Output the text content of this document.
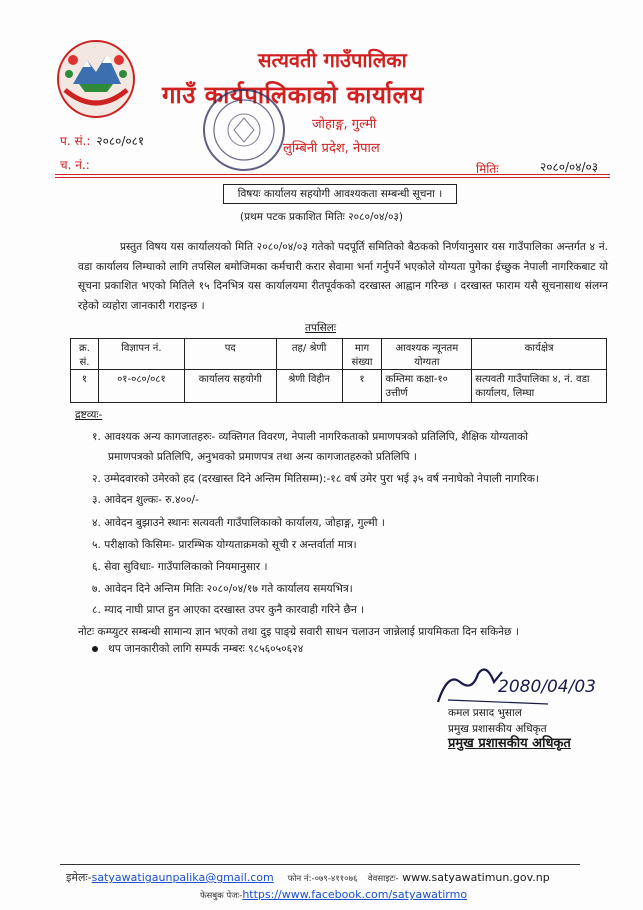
सत्यवती गाउँपालिका
गाउँ कार्यपालिकाको कार्यालय
जोहाङ्ग, गुल्मी
लुम्बिनी प्रदेश, नेपाल
प. सं.: २०८०/०८१
च. नं.:	मितिः	२०८०/०४/०३
विषयः कार्यालय सहयोगी आवश्यकता सम्बन्धी सूचना ।
(प्रथम पटक प्रकाशित मितिः २०८०/०४/०३)
प्रस्तुत विषय यस कार्यालयको मिति २०८०/०४/०३ गतेको पदपूर्ति समितिको बैठकको निर्णयानुसार यस गाउँपालिका अन्तर्गत ४ नं. वडा कार्यालय लिम्घाको लागि तपसिल बमोजिमका कर्मचारी करार सेवामा भर्ना गर्नुपर्ने भएकोले योग्यता पुगेका ईच्छुक नेपाली नागरिकबाट यो सूचना प्रकाशित भएको मितिले १५ दिनभित्र यस कार्यालयमा रीतपूर्वकको दरखास्त आह्वान गरिन्छ । दरखास्त फाराम यसै सूचनासाथ संलग्न रहेको व्यहोरा जानकारी गराइन्छ ।
तपसिलः
क्र. सं.	विज्ञापन नं.	पद	तह/ श्रेणी	माग संख्या	आवश्यक न्यूनतम योग्यता	कार्यक्षेत्र
१	०१-०८०/०८१	कार्यालय सहयोगी	श्रेणी विहीन	१	कम्तिमा कक्षा-१० उत्तीर्ण	सत्यवती गाउँपालिका ४, नं. वडा कार्यालय, लिम्घा
द्रष्टव्यः-
१. आवश्यक अन्य कागजातहरुः- व्यक्तिगत विवरण, नेपाली नागरिकताको प्रमाणपत्रको प्रतिलिपि, शैक्षिक योग्यताको
प्रमाणपत्रको प्रतिलिपि, अनुभवको प्रमाणपत्र तथा अन्य कागजातहरुको प्रतिलिपि ।
२. उम्मेदवारको उमेरको हद (दरखास्त दिने अन्तिम मितिसम्म):-१८ वर्ष उमेर पुरा भई ३५ वर्ष ननाघेको नेपाली नागरिक।
३. आवेदन शुल्कः- रु.४००/-
४. आवेदन बुझाउने स्थानः सत्यवती गाउँपालिकाको कार्यालय, जोहाङ्ग, गुल्मी ।
५. परीक्षाको किसिमः- प्रारम्भिक योग्यताक्रमको सूची र अन्तर्वार्ता मात्र।
६. सेवा सुविधाः- गाउँपालिकाको नियमानुसार ।
७. आवेदन दिने अन्तिम मितिः २०८०/०४/१७ गते कार्यालय समयभित्र।
८. म्याद नाघी प्राप्त हुन आएका दरखास्त उपर कुनै कारवाही गरिने छैन ।
नोटः कम्प्युटर सम्बन्धी सामान्य ज्ञान भएको तथा दुइ पाङ्ग्रे सवारी साधन चलाउन जान्नेलाई प्रायमिकता दिन सकिनेछ ।
थप जानकारीको लागि सम्पर्क नम्बरः ९८५६०५०६२४
2080/04/03
कमल प्रसाद भुसाल
प्रमुख प्रशासकीय अधिकृत
प्रमुख प्रशासकीय अधिकृत
इमेलः-satyawatigaunpalika@gmail.com फोन नं:-०७९-४११०७६ वेवसाइटः- www.satyawatimun.gov.np
फेसबुक पेजः-https://www.facebook.com/satyawatirmo
